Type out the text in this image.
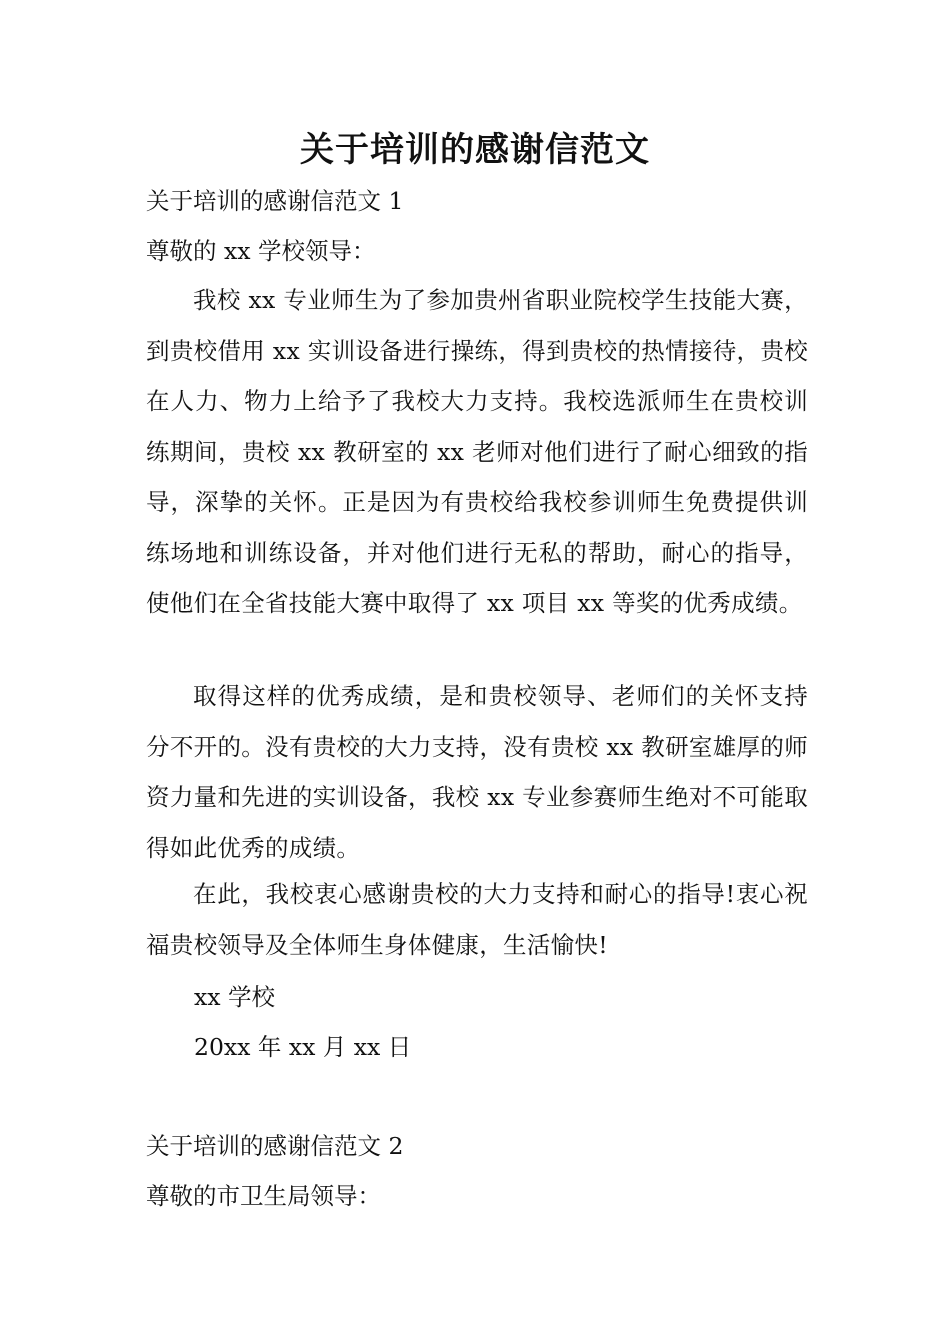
关于培训的感谢信范文
关于培训的感谢信范文 1
尊敬的 xx 学校领导：
我校 xx 专业师生为了参加贵州省职业院校学生技能大赛，到贵校借用 xx 实训设备进行操练，得到贵校的热情接待，贵校在人力、物力上给予了我校大力支持。我校选派师生在贵校训练期间，贵校 xx 教研室的 xx 老师对他们进行了耐心细致的指导，深挚的关怀。正是因为有贵校给我校参训师生免费提供训练场地和训练设备，并对他们进行无私的帮助，耐心的指导，使他们在全省技能大赛中取得了 xx 项目 xx 等奖的优秀成绩。
取得这样的优秀成绩，是和贵校领导、老师们的关怀支持分不开的。没有贵校的大力支持，没有贵校 xx 教研室雄厚的师资力量和先进的实训设备，我校 xx 专业参赛师生绝对不可能取得如此优秀的成绩。
在此，我校衷心感谢贵校的大力支持和耐心的指导!衷心祝福贵校领导及全体师生身体健康，生活愉快!
xx 学校
20xx 年 xx 月 xx 日
关于培训的感谢信范文 2
尊敬的市卫生局领导：
